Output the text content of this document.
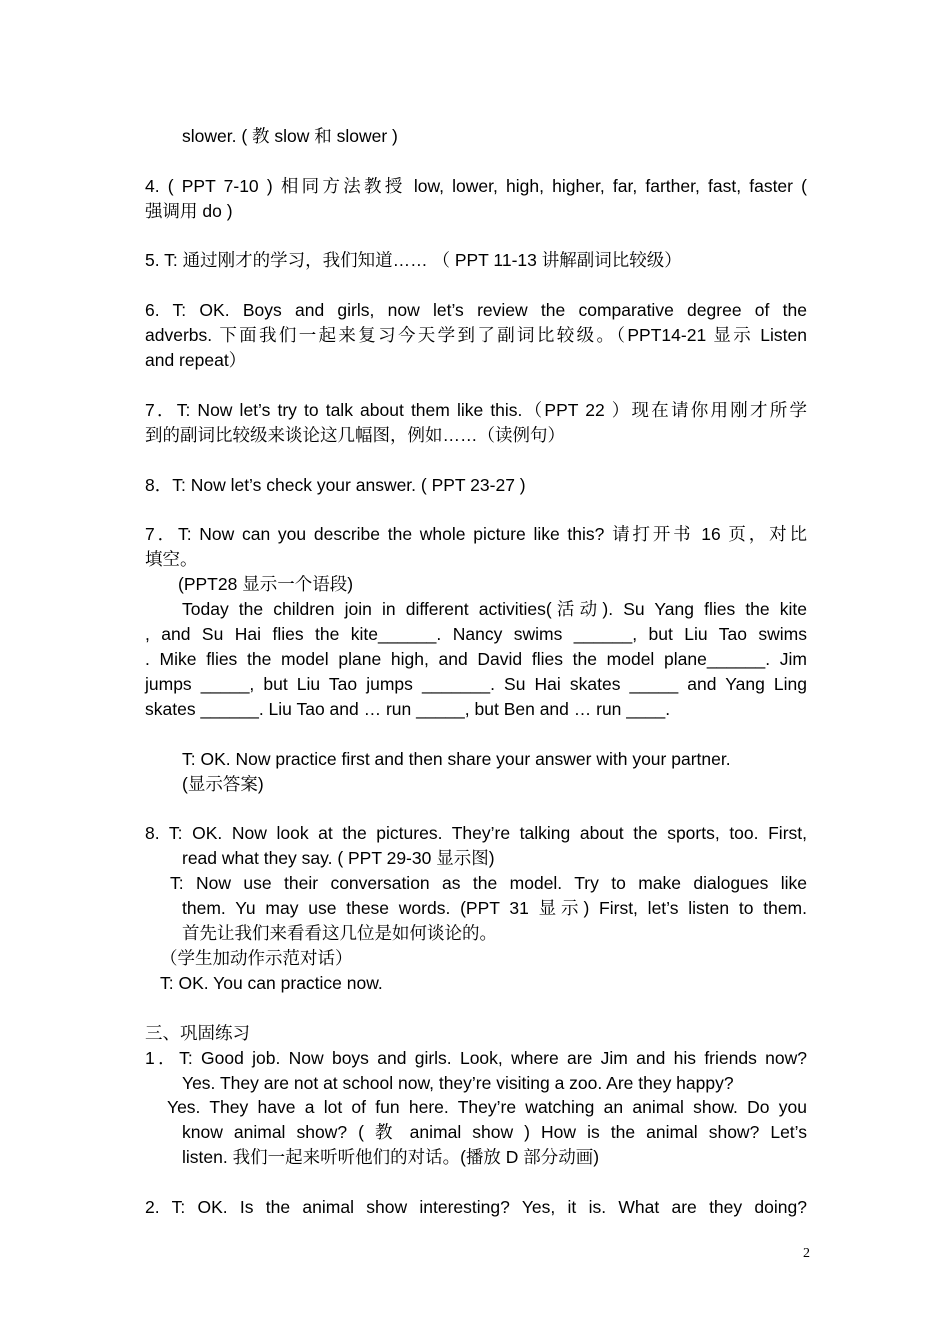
slower. ( 教 slow 和 slower )
4. ( PPT 7-10 ) 相同方法教授 low, lower, high, higher, far, farther, fast, faster (
强调用 do )
5. T: 通过刚才的学习，我们知道…… （ PPT 11-13 讲解副词比较级）
6. T: OK. Boys and girls, now let’s review the comparative degree of the
adverbs. 下面我们一起来复习今天学到了副词比较级。（PPT14-21 显示 Listen
and repeat）
7．T: Now let’s try to talk about them like this.（PPT 22 ）现在请你用刚才所学
到的副词比较级来谈论这几幅图，例如……（读例句）
8．T: Now let’s check your answer. ( PPT 23-27 )
7．T: Now can you describe the whole picture like this? 请打开书 16 页，对比
填空。
(PPT28 显示一个语段)
Today the children join in different activities(活动). Su Yang flies the kite
, and Su Hai flies the kite______. Nancy swims ______, but Liu Tao swims
. Mike flies the model plane high, and David flies the model plane______. Jim
jumps _____, but Liu Tao jumps _______. Su Hai skates _____ and Yang Ling
skates ______. Liu Tao and … run _____, but Ben and … run ____.
T: OK. Now practice first and then share your answer with your partner.
(显示答案)
8. T: OK. Now look at the pictures. They’re talking about the sports, too. First,
read what they say. ( PPT 29-30 显示图)
T: Now use their conversation as the model. Try to make dialogues like
them. Yu may use these words. (PPT 31 显示) First, let’s listen to them.
首先让我们来看看这几位是如何谈论的。
（学生加动作示范对话）
T: OK. You can practice now.
三、巩固练习
1．T: Good job. Now boys and girls. Look, where are Jim and his friends now?
Yes. They are not at school now, they’re visiting a zoo. Are they happy?
Yes. They have a lot of fun here. They’re watching an animal show. Do you
know animal show? ( 教 animal show ) How is the animal show? Let’s
listen. 我们一起来听听他们的对话。(播放 D 部分动画)
2. T: OK. Is the animal show interesting? Yes, it is. What are they doing?
2
